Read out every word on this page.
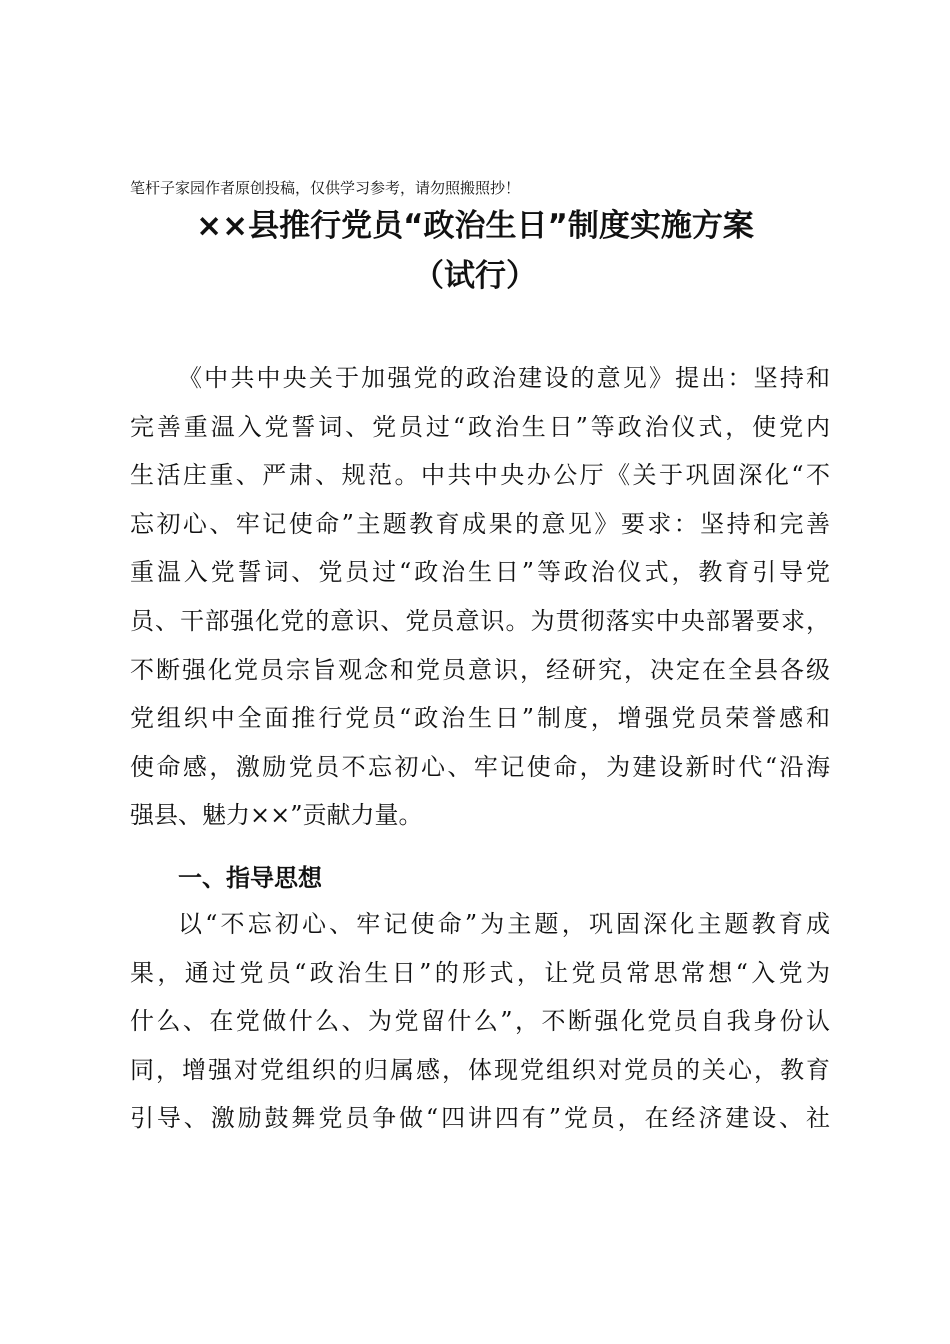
笔杆子家园作者原创投稿，仅供学习参考，请勿照搬照抄！
××县推行党员“政治生日”制度实施方案
（试行）
《中共中央关于加强党的政治建设的意见》提出：坚持和
完善重温入党誓词、党员过“政治生日”等政治仪式，使党内
生活庄重、严肃、规范。中共中央办公厅《关于巩固深化“不
忘初心、牢记使命”主题教育成果的意见》要求：坚持和完善
重温入党誓词、党员过“政治生日”等政治仪式，教育引导党
员、干部强化党的意识、党员意识。为贯彻落实中央部署要求，
不断强化党员宗旨观念和党员意识，经研究，决定在全县各级
党组织中全面推行党员“政治生日”制度，增强党员荣誉感和
使命感，激励党员不忘初心、牢记使命，为建设新时代“沿海
强县、魅力××”贡献力量。
一、指导思想
以“不忘初心、牢记使命”为主题，巩固深化主题教育成
果，通过党员“政治生日”的形式，让党员常思常想“入党为
什么、在党做什么、为党留什么”，不断强化党员自我身份认
同，增强对党组织的归属感，体现党组织对党员的关心，教育
引导、激励鼓舞党员争做“四讲四有”党员，在经济建设、社
